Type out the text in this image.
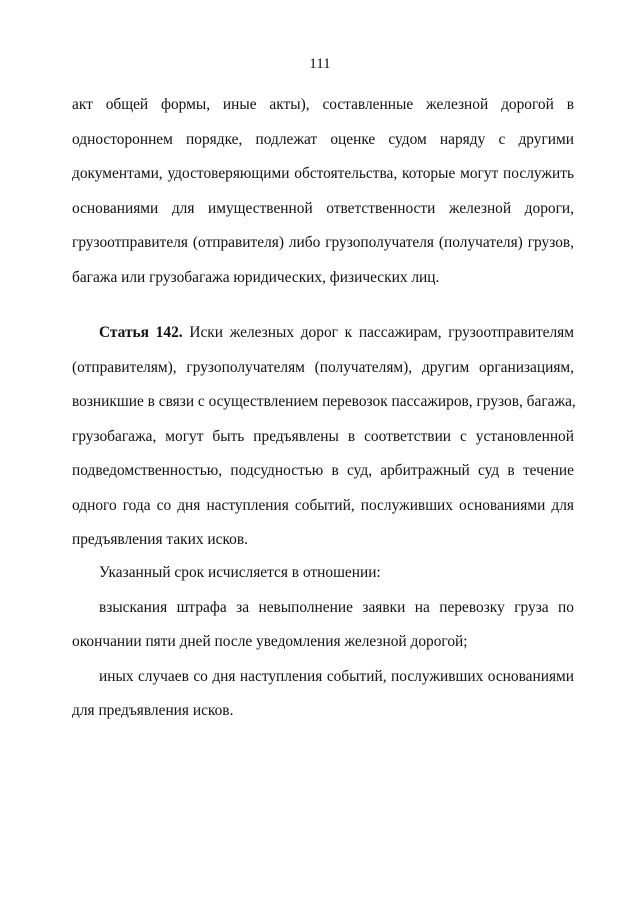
111
акт общей формы, иные акты), составленные железной дорогой в
одностороннем порядке, подлежат оценке судом наряду с другими
документами, удостоверяющими обстоятельства, которые могут послужить
основаниями для имущественной ответственности железной дороги,
грузоотправителя (отправителя) либо грузополучателя (получателя) грузов,
багажа или грузобагажа юридических, физических лиц.
Статья 142. Иски железных дорог к пассажирам, грузоотправителям
(отправителям), грузополучателям (получателям), другим организациям,
возникшие в связи с осуществлением перевозок пассажиров, грузов, багажа,
грузобагажа, могут быть предъявлены в соответствии с установленной
подведомственностью, подсудностью в суд, арбитражный суд в течение
одного года со дня наступления событий, послуживших основаниями для
предъявления таких исков.
Указанный срок исчисляется в отношении:
взыскания штрафа за невыполнение заявки на перевозку груза по
окончании пяти дней после уведомления железной дорогой;
иных случаев со дня наступления событий, послуживших основаниями
для предъявления исков.
